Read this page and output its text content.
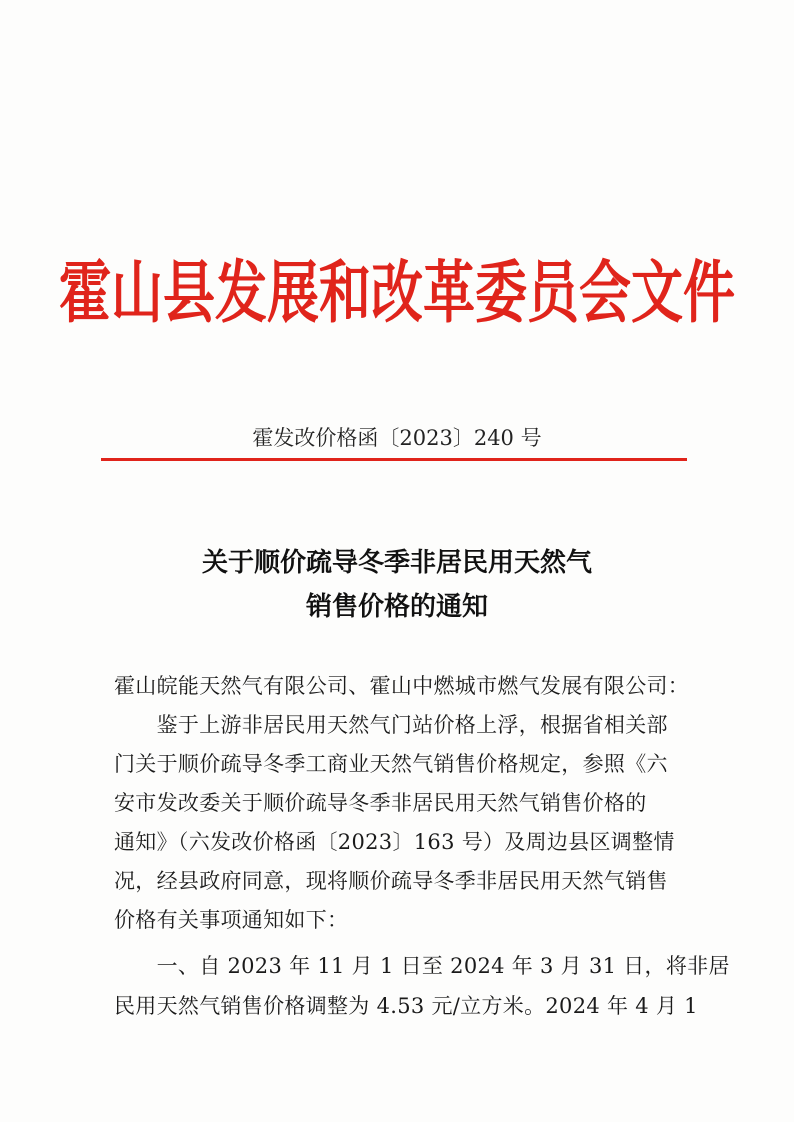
霍山县发展和改革委员会文件
霍发改价格函〔2023〕240 号
关于顺价疏导冬季非居民用天然气
销售价格的通知
霍山皖能天然气有限公司、霍山中燃城市燃气发展有限公司：
　　鉴于上游非居民用天然气门站价格上浮，根据省相关部
门关于顺价疏导冬季工商业天然气销售价格规定，参照《六
安市发改委关于顺价疏导冬季非居民用天然气销售价格的
通知》（六发改价格函〔2023〕163 号）及周边县区调整情
况，经县政府同意，现将顺价疏导冬季非居民用天然气销售
价格有关事项通知如下：
　　一、自 2023 年 11 月 1 日至 2024 年 3 月 31 日，将非居
民用天然气销售价格调整为 4.53 元/立方米。2024 年 4 月 1
